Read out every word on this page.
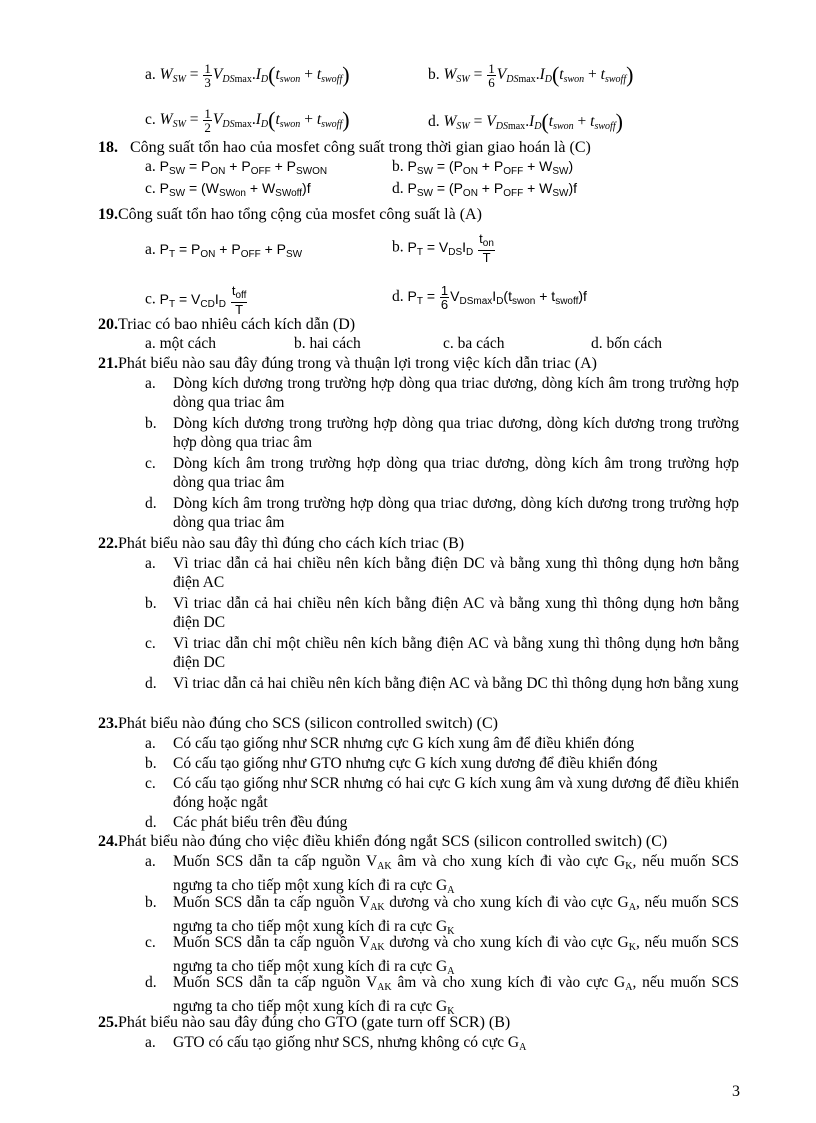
a. $W_{SW} = \frac{1}{3} V_{DSmax}.I_D(t_{swon} + t_{swoff})$	b. $W_{SW} = \frac{1}{6} V_{DSmax}.I_D(t_{swon} + t_{swoff})$
c. $W_{SW} = \frac{1}{2} V_{DSmax}.I_D(t_{swon} + t_{swoff})$	d. $W_{SW} = V_{DSmax}.I_D(t_{swon} + t_{swoff})$
18. Công suất tổn hao của mosfet công suất trong thời gian giao hoán là (C)
a. $P_{SW} = P_{ON} + P_{OFF} + P_{SWON}$	b. $P_{SW} = (P_{ON} + P_{OFF} + W_{SW})$
c. $P_{SW} = (W_{SWon} + W_{SWoff})f$	d. $P_{SW} = (P_{ON} + P_{OFF} + W_{SW})f$
19.Công suất tổn hao tổng cộng của mosfet công suất là (A)
a. $P_T = P_{ON} + P_{OFF} + P_{SW}$	b. $P_T = V_{DS}I_D \frac{t_{on}}{T}$
c. $P_T = V_{CD}I_D \frac{t_{off}}{T}$	d. $P_T = \frac{1}{6} V_{DSmax}I_D(t_{swon} + t_{swoff})f$
20.Triac có bao nhiêu cách kích dẫn (D)
a. một cách	b. hai cách	c. ba cách	d. bốn cách
21.Phát biểu nào sau đây đúng trong và thuận lợi trong việc kích dẫn triac (A)
a. Dòng kích dương trong trường hợp dòng qua triac dương, dòng kích âm trong trường hợp dòng qua triac âm
b. Dòng kích dương trong trường hợp dòng qua triac dương, dòng kích dương trong trường hợp dòng qua triac âm
c. Dòng kích âm trong trường hợp dòng qua triac dương, dòng kích âm trong trường hợp dòng qua triac âm
d. Dòng kích âm trong trường hợp dòng qua triac dương, dòng kích dương trong trường hợp dòng qua triac âm
22.Phát biểu nào sau đây thì đúng cho cách kích triac (B)
a. Vì triac dẫn cả hai chiều nên kích bằng điện DC và bằng xung thì thông dụng hơn bằng điện AC
b. Vì triac dẫn cả hai chiều nên kích bằng điện AC và bằng xung thì thông dụng hơn bằng điện DC
c. Vì triac dẫn chỉ một chiều nên kích bằng điện AC và bằng xung thì thông dụng hơn bằng điện DC
d. Vì triac dẫn cả hai chiều nên kích bằng điện AC và bằng DC thì thông dụng hơn bằng xung
23.Phát biểu nào đúng cho SCS (silicon controlled switch) (C)
a. Có cấu tạo giống như SCR nhưng cực G kích xung âm để điều khiển đóng
b. Có cấu tạo giống như GTO nhưng cực G kích xung dương để điều khiển đóng
c. Có cấu tạo giống như SCR nhưng có hai cực G kích xung âm và xung dương để điều khiển đóng hoặc ngắt
d. Các phát biểu trên đều đúng
24.Phát biểu nào đúng cho việc điều khiển đóng ngắt SCS (silicon controlled switch) (C)
a. Muốn SCS dẫn ta cấp nguồn $V_{AK}$ âm và cho xung kích đi vào cực $G_K$, nếu muốn SCS ngưng ta cho tiếp một xung kích đi ra cực $G_A$
b. Muốn SCS dẫn ta cấp nguồn $V_{AK}$ dương và cho xung kích đi vào cực $G_A$, nếu muốn SCS ngưng ta cho tiếp một xung kích đi ra cực $G_K$
c. Muốn SCS dẫn ta cấp nguồn $V_{AK}$ dương và cho xung kích đi vào cực $G_K$, nếu muốn SCS ngưng ta cho tiếp một xung kích đi ra cực $G_A$
d. Muốn SCS dẫn ta cấp nguồn $V_{AK}$ âm và cho xung kích đi vào cực $G_A$, nếu muốn SCS ngưng ta cho tiếp một xung kích đi ra cực $G_K$
25.Phát biểu nào sau đây đúng cho GTO (gate turn off SCR) (B)
a. GTO có cấu tạo giống như SCS, nhưng không có cực $G_A$
3
